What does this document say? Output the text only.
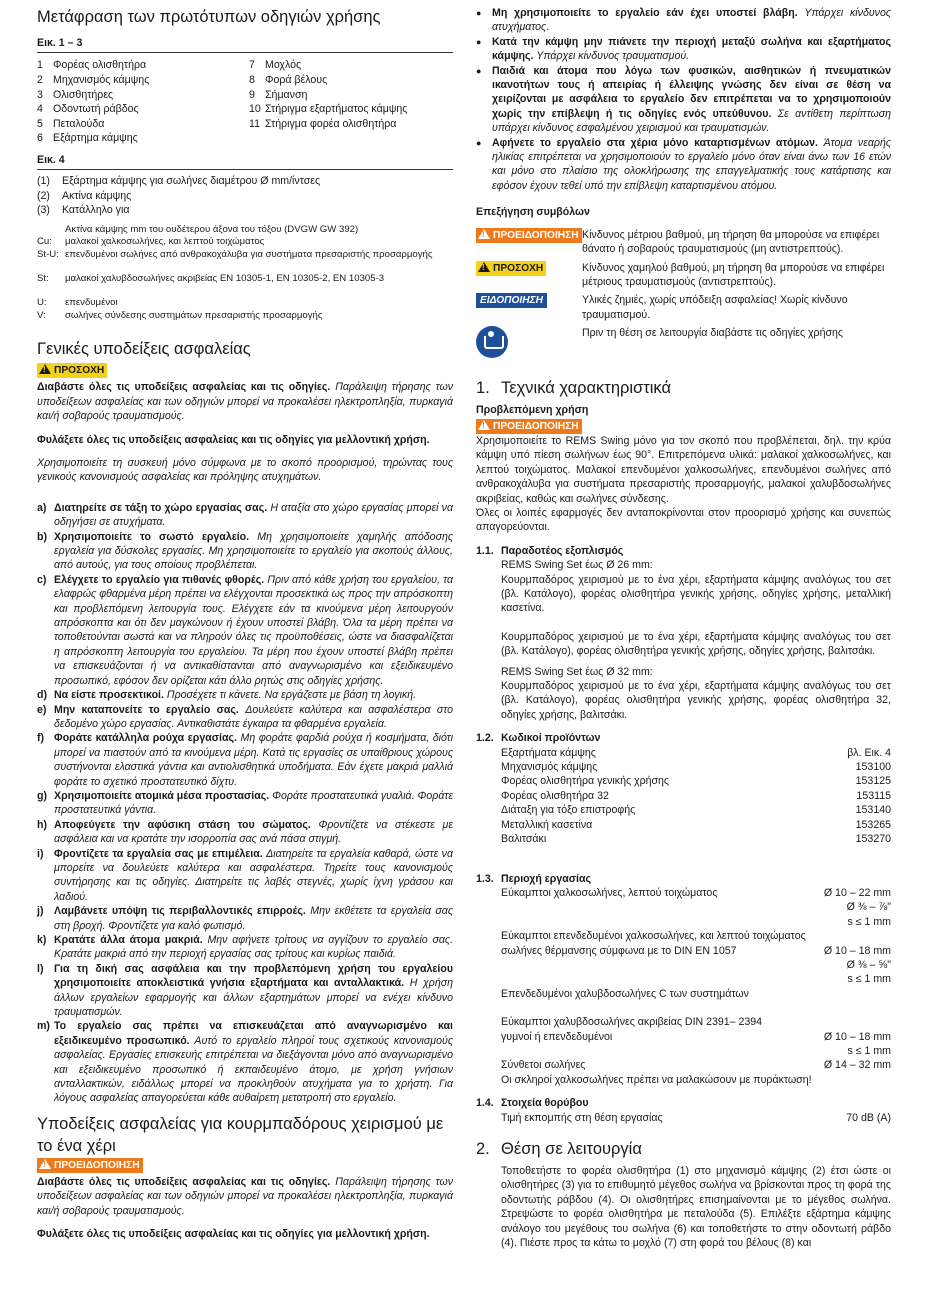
Μετάφραση των πρωτότυπων οδηγιών χρήσης
Εικ. 1 – 3
1 Φορέας ολισθητήρα	7 Μοχλός
2 Μηχανισμός κάμψης	8 Φορά βέλους
3 Ολισθητήρες	9 Σήμανση
4 Οδοντωτή ράβδος	10 Στήριγμα εξαρτήματος κάμψης
5 Πεταλούδα	11 Στήριγμα φορέα ολισθητήρα
6 Εξάρτημα κάμψης
Εικ. 4
(1)	Εξάρτημα κάμψης για σωλήνες διαμέτρου Ø mm/ίντσες
(2)	Ακτίνα κάμψης
(3)	Κατάλληλο για
Ακτίνα κάμψης mm του ουδέτερου άξονα του τόξου (DVGW GW 392)
Cu:	μαλακοί χαλκοσωλήνες, και λεπτού τοιχώματος
St-U: επενδυμένοι σωλήνες από ανθρακοχάλυβα για συστήματα πρεσαριστής προσαρμογής
St:	μαλακοί χαλυβδοσωλήνες ακριβείας EN 10305-1, EN 10305-2, EN 10305-3
U:	επενδυμένοι
V:	σωλήνες σύνδεσης συστημάτων πρεσαριστής προσαρμογής
Γενικές υποδείξεις ασφαλείας
!ΠΡΟΣΟΧΗ

Διαβάστε όλες τις υποδείξεις ασφαλείας και τις οδηγίες. Παράλειψη τήρησης των υποδείξεων ασφαλείας και των οδηγιών μπορεί να προκαλέσει ηλεκτροπληξία, πυρκαγιά και/ή σοβαρούς τραυματισμούς.

Φυλάξετε όλες τις υποδείξεις ασφαλείας και τις οδηγίες για μελλοντική χρήση.

Χρησιμοποιείτε τη συσκευή μόνο σύμφωνα με το σκοπό προορισμού, τηρώντας τους γενικούς κανονισμούς ασφαλείας και πρόληψης ατυχημάτων.

a) Διατηρείτε σε τάξη το χώρο εργασίας σας. Η αταξία στο χώρο εργασίας μπορεί να οδηγήσει σε ατυχήματα.
b) Χρησιμοποιείτε το σωστό εργαλείο. Μη χρησιμοποιείτε χαμηλής απόδοσης εργαλεία για δύσκολες εργασίες. Μη χρησιμοποιείτε το εργαλείο για σκοπούς άλλους, από αυτούς, για τους οποίους προβλέπεται.
c) Ελέγχετε το εργαλείο για πιθανές φθορές. Πριν από κάθε χρήση του εργαλείου, τα ελαφρώς φθαρμένα μέρη πρέπει να ελέγχονται προσεκτικά ως προς την απρόσκοπτη και προβλεπόμενη λειτουργία τους. Ελέγχετε εάν τα κινούμενα μέρη λειτουργούν απρόσκοπτα και ότι δεν μαγκώνουν ή έχουν υποστεί βλάβη. Όλα τα μέρη πρέπει να τοποθετούνται σωστά και να πληρούν όλες τις προϋποθέσεις, ώστε να διασφαλίζεται η απρόσκοπτη λειτουργία του εργαλείου. Τα μέρη που έχουν υποστεί βλάβη πρέπει να επισκευάζονται ή να αντικαθίστανται από αναγνωρισμένο και εξειδικευμένο προσωπικό, εφόσον δεν ορίζεται κάτι άλλο ρητώς στις οδηγίες χρήσης.
d) Να είστε προσεκτικοί. Προσέχετε τι κάνετε. Να εργάζεστε με βάση τη λογική.
e) Μην καταπονείτε το εργαλείο σας. Δουλεύετε καλύτερα και ασφαλέστερα στο δεδομένο χώρο εργασίας. Αντικαθιστάτε έγκαιρα τα φθαρμένα εργαλεία.
f) Φοράτε κατάλληλα ρούχα εργασίας. Μη φοράτε φαρδιά ρούχα ή κοσμήματα, διότι μπορεί να πιαστούν από τα κινούμενα μέρη. Κατά τις εργασίες σε υπαίθριους χώρους συστήνονται ελαστικά γάντια και αντιολισθητικά υποδήματα. Εάν έχετε μακριά μαλλιά φοράτε το σχετικό προστατευτικό δίχτυ.
g) Χρησιμοποιείτε ατομικά μέσα προστασίας. Φοράτε προστατευτικά γυαλιά. Φοράτε προστατευτικά γάντια.
h) Αποφεύγετε την αφύσικη στάση του σώματος. Φροντίζετε να στέκεστε με ασφάλεια και να κρατάτε την ισορροπία σας ανά πάσα στιγμή.
i) Φροντίζετε τα εργαλεία σας με επιμέλεια. Διατηρείτε τα εργαλεία καθαρά, ώστε να μπορείτε να δουλεύετε καλύτερα και ασφαλέστερα. Τηρείτε τους κανονισμούς συντήρησης και τις οδηγίες. Διατηρείτε τις λαβές στεγνές, χωρίς ίχνη γράσου και λαδιού.
j) Λαμβάνετε υπόψη τις περιβαλλοντικές επιρροές. Μην εκθέτετε τα εργαλεία σας στη βροχή. Φροντίζετε για καλό φωτισμό.
k) Κρατάτε άλλα άτομα μακριά. Μην αφήνετε τρίτους να αγγίζουν το εργαλείο σας. Κρατάτε μακριά από την περιοχή εργασίας σας τρίτους και κυρίως παιδιά.
l) Για τη δική σας ασφάλεια και την προβλεπόμενη χρήση του εργαλείου χρησιμοποιείτε αποκλειστικά γνήσια εξαρτήματα και ανταλλακτικά. Η χρήση άλλων εργαλείων εφαρμογής και άλλων εξαρτημάτων μπορεί να ενέχει κίνδυνο τραυματισμών.
m) Το εργαλείο σας πρέπει να επισκευάζεται από αναγνωρισμένο και εξειδικευμένο προσωπικό. Αυτό το εργαλείο πληροί τους σχετικούς κανονισμούς ασφαλείας. Εργασίες επισκευής επιτρέπεται να διεξάγονται μόνο από αναγνωρισμένο και εξειδικευμένο προσωπικό ή εκπαιδευμένο άτομο, με χρήση γνήσιων ανταλλακτικών, ειδάλλως μπορεί να προκληθούν ατυχήματα για το χρήστη. Για λόγους ασφαλείας απαγορεύεται κάθε αυθαίρετη μετατροπή στο εργαλείο.
Υποδείξεις ασφαλείας για κουρμπαδόρους χειρισμού με το ένα χέρι
!ΠΡΟΕΙΔΟΠΟΙΗΣΗ

Διαβάστε όλες τις υποδείξεις ασφαλείας και τις οδηγίες. Παράλειψη τήρησης των υποδείξεων ασφαλείας και των οδηγιών μπορεί να προκαλέσει ηλεκτροπληξία, πυρκαγιά και/ή σοβαρούς τραυματισμούς.

Φυλάξετε όλες τις υποδείξεις ασφαλείας και τις οδηγίες για μελλοντική χρήση.

● Μη χρησιμοποιείτε το εργαλείο εάν έχει υποστεί βλάβη. Υπάρχει κίνδυνος ατυχήματος.
● Κατά την κάμψη μην πιάνετε την περιοχή μεταξύ σωλήνα και εξαρτήματος κάμψης. Υπάρχει κίνδυνος τραυματισμού.
● Παιδιά και άτομα που λόγω των φυσικών, αισθητικών ή πνευματικών ικανοτήτων τους ή απειρίας ή έλλειψης γνώσης δεν είναι σε θέση να χειρίζονται με ασφάλεια το εργαλείο δεν επιτρέπεται να το χρησιμοποιούν χωρίς την επίβλεψη ή τις οδηγίες ενός υπεύθυνου. Σε αντίθετη περίπτωση υπάρχει κίνδυνος εσφαλμένου χειρισμού και τραυματισμών.
● Αφήνετε το εργαλείο στα χέρια μόνο καταρτισμένων ατόμων. Άτομα νεαρής ηλικίας επιτρέπεται να χρησιμοποιούν το εργαλείο μόνο όταν είναι άνω των 16 ετών και μόνο στο πλαίσιο της ολοκλήρωσης της επαγγελματικής τους κατάρτισης και εφόσον έχουν τεθεί υπό την επίβλεψη καταρτισμένου ατόμου.
Επεξήγηση συμβόλων
!ΠΡΟΕΙΔΟΠΟΙΗΣΗ Κίνδυνος μέτριου βαθμού, μη τήρηση θα μπορούσε να επιφέρει θάνατο ή σοβαρούς τραυματισμούς (μη αντιστρεπτούς).
!ΠΡΟΣΟΧΗ	Κίνδυνος χαμηλού βαθμού, μη τήρηση θα μπορούσε να επιφέρει μέτριους τραυματισμούς (αντιστρεπτούς).
ΕΙΔΟΠΟΙΗΣΗ	Υλικές ζημιές, χωρίς υπόδειξη ασφαλείας! Χωρίς κίνδυνο τραυματισμού.
Πριν τη θέση σε λειτουργία διαβάστε τις οδηγίες χρήσης
1. Τεχνικά χαρακτηριστικά
Προβλεπόμενη χρήση
!ΠΡΟΕΙΔΟΠΟΙΗΣΗ
Χρησιμοποιείτε το REMS Swing μόνο για τον σκοπό που προβλέπεται, δηλ. την κρύα κάμψη υπό πίεση σωλήνων έως 90°. Επιτρεπόμενα υλικά: μαλακοί χαλκοσωλήνες, και λεπτού τοιχώματος. Μαλακοί επενδυμένοι χαλκοσωλήνες, επενδυμένοι σωλήνες από ανθρακοχάλυβα για συστήματα πρεσαριστής προσαρμογής, μαλακοί χαλυβδοσωλήνες ακριβείας, καθώς και σωλήνες σύνδεσης.
Όλες οι λοιπές εφαρμογές δεν ανταποκρίνονται στον προορισμό χρήσης και συνεπώς απαγορεύονται.
1.1. Παραδοτέος εξοπλισμός
REMS Swing Set έως Ø 26 mm:
Κουρμπαδόρος χειρισμού με το ένα χέρι, εξαρτήματα κάμψης αναλόγως του σετ (βλ. Κατάλογο), φορέας ολισθητήρα γενικής χρήσης, οδηγίες χρήσης, μεταλλική κασετίνα.
Κουρμπαδόρος χειρισμού με το ένα χέρι, εξαρτήματα κάμψης αναλόγως του σετ (βλ. Κατάλογο), φορέας ολισθητήρα γενικής χρήσης, οδηγίες χρήσης, βαλιτσάκι.
REMS Swing Set έως Ø 32 mm:
Κουρμπαδόρος χειρισμού με το ένα χέρι, εξαρτήματα κάμψης αναλόγως του σετ (βλ. Κατάλογο), φορέας ολισθητήρα γενικής χρήσης, φορέας ολισθητήρα 32, οδηγίες χρήσης, βαλιτσάκι.
1.2. Κωδικοί προϊόντων
Εξαρτήματα κάμψης	βλ. Εικ. 4
Μηχανισμός κάμψης	153100
Φορέας ολισθητήρα γενικής χρήσης	153125
Φορέας ολισθητήρα 32	153115
Διάταξη για τόξο επιστροφής	153140
Μεταλλική κασετίνα	153265
Βαλιτσάκι	153270
1.3. Περιοχή εργασίας
Εύκαμπτοι χαλκοσωλήνες, λεπτού τοιχώματος	Ø 10 – 22 mm
Ø ⅜ – ⅞"
s ≤ 1 mm
Εύκαμπτοι επενδεδυμένοι χαλκοσωλήνες, και λεπτού τοιχώματος
σωλήνες θέρμανσης σύμφωνα με το DIN EN 1057	Ø 10 – 18 mm
Ø ⅜ – ⅝"
s ≤ 1 mm
Επενδεδυμένοι χαλυβδοσωλήνες C των συστημάτων
Εύκαμπτοι χαλυβδοσωλήνες ακριβείας DIN 2391– 2394
γυμνοί ή επενδεδυμένοι	Ø 10 – 18 mm
s ≤ 1 mm
Σύνθετοι σωλήνες	Ø 14 – 32 mm
Οι σκληροί χαλκοσωλήνες πρέπει να μαλακώσουν με πυράκτωση!
1.4. Στοιχεία θορύβου
Τιμή εκπομπής στη θέση εργασίας	70 dB (A)
2. Θέση σε λειτουργία
Τοποθετήστε το φορέα ολισθητήρα (1) στο μηχανισμό κάμψης (2) έτσι ώστε οι ολισθητήρες (3) για το επιθυμητό μέγεθος σωλήνα να βρίσκονται προς τη φορά της οδοντωτής ράβδου (4). Οι ολισθητήρες επισημαίνονται με το μέγεθος σωλήνα. Στρεψώστε το φορέα ολισθητήρα με πεταλούδα (5). Επιλέξτε εξάρτημα κάμψης ανάλογο του μεγέθους του σωλήνα (6) και τοποθετήστε το στην οδοντωτή ράβδο (4). Πιέστε προς τα κάτω το μοχλό (7) στη φορά του βέλους (8) και
